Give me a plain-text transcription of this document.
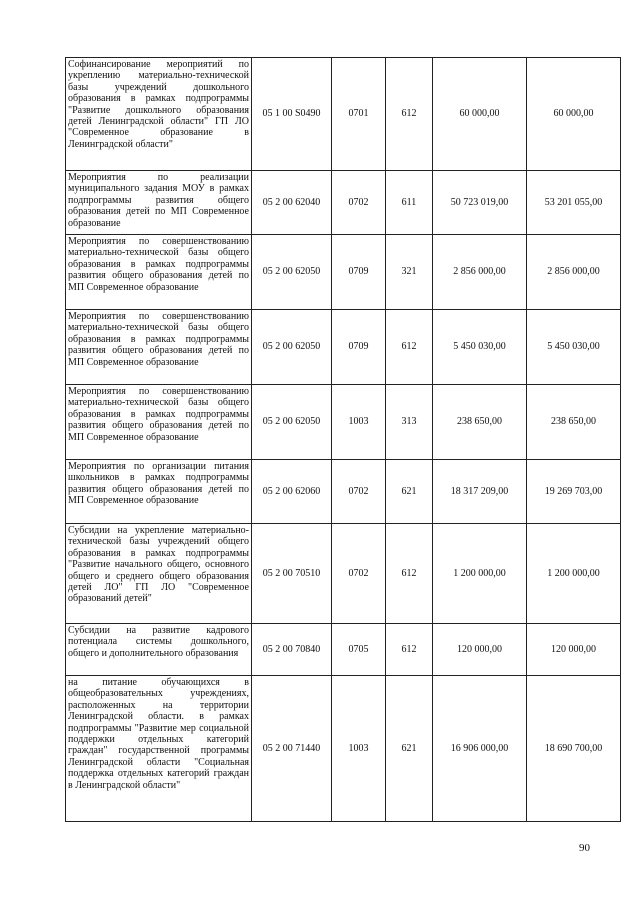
Софинансирование мероприятий по укреплению материально-технической базы учреждений дошкольного образования в рамках подпрограммы "Развитие дошкольного образования детей Ленинградской области" ГП ЛО "Современное образование в Ленинградской области"	05 1 00 S0490	0701	612	60 000,00	60 000,00
Мероприятия по реализации муниципального задания МОУ в рамках подпрограммы развития общего образования детей по МП Современное образование	05 2 00 62040	0702	611	50 723 019,00	53 201 055,00
Мероприятия по совершенствованию материально-технической базы общего образования в рамках подпрограммы развития общего образования детей по МП Современное образование	05 2 00 62050	0709	321	2 856 000,00	2 856 000,00
Мероприятия по совершенствованию материально-технической базы общего образования в рамках подпрограммы развития общего образования детей по МП Современное образование	05 2 00 62050	0709	612	5 450 030,00	5 450 030,00
Мероприятия по совершенствованию материально-технической базы общего образования в рамках подпрограммы развития общего образования детей по МП Современное образование	05 2 00 62050	1003	313	238 650,00	238 650,00
Мероприятия по организации питания школьников в рамках подпрограммы развития общего образования детей по МП Современное образование	05 2 00 62060	0702	621	18 317 209,00	19 269 703,00
Субсидии на укрепление материально-технической базы учреждений общего образования в рамках подпрограммы "Развитие начального общего, основного общего и среднего общего образования детей ЛО" ГП ЛО "Современное образований детей"	05 2 00 70510	0702	612	1 200 000,00	1 200 000,00
Субсидии на развитие кадрового потенциала системы дошкольного, общего и дополнительного образования	05 2 00 70840	0705	612	120 000,00	120 000,00
на питание обучающихся в общеобразовательных учреждениях, расположенных на территории Ленинградской области. в рамках подпрограммы "Развитие мер социальной поддержки отдельных категорий граждан" государственной программы Ленинградской области "Социальная поддержка отдельных категорий граждан в Ленинградской области"	05 2 00 71440	1003	621	16 906 000,00	18 690 700,00
90
